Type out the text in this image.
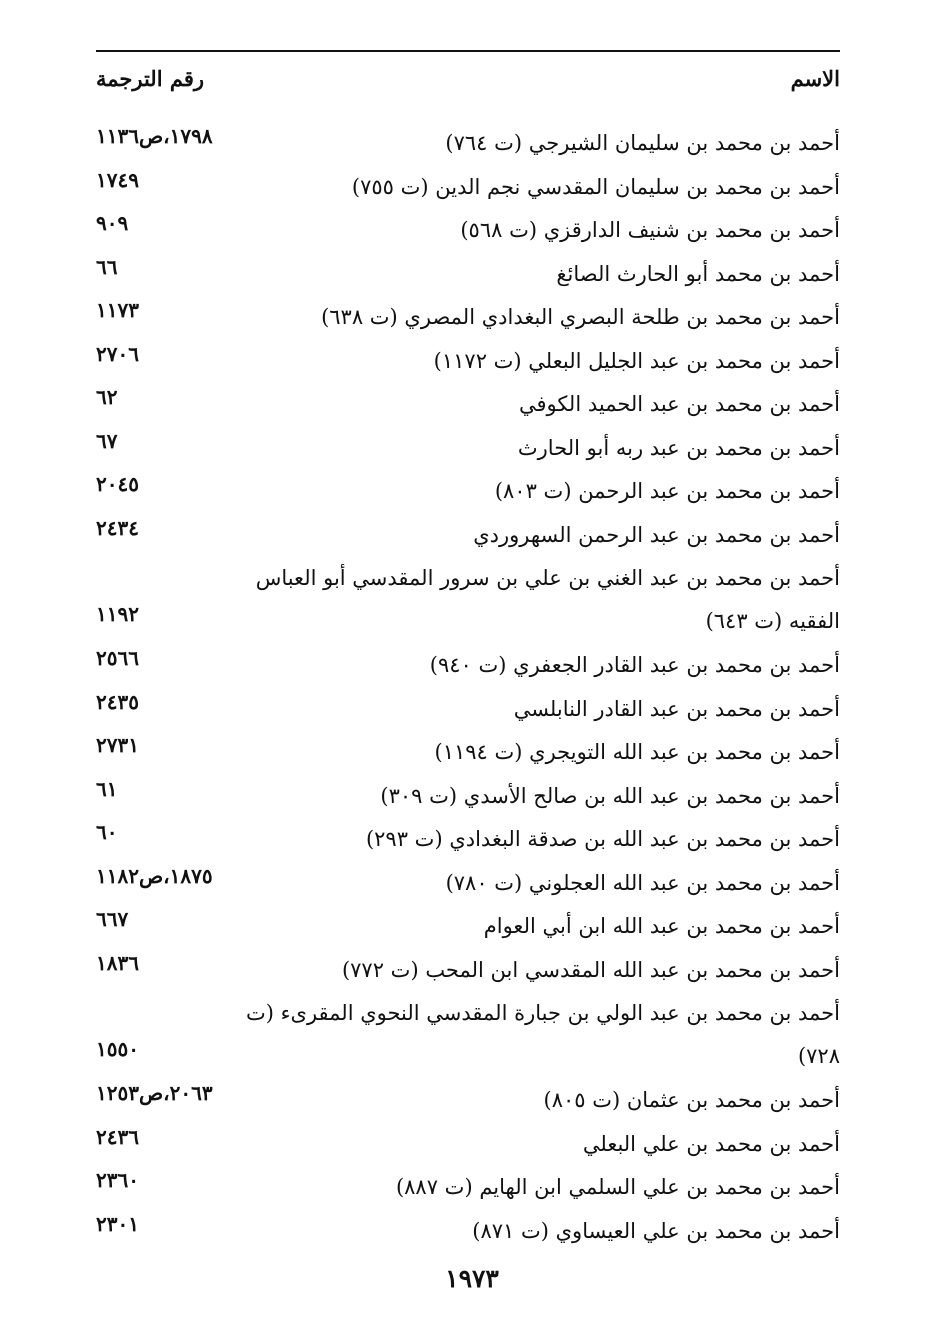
الاسم
رقم الترجمة
أحمد بن محمد بن سليمان الشيرجي (ت ٧٦٤)
١٧٩٨،ص١١٣٦
أحمد بن محمد بن سليمان المقدسي نجم الدين (ت ٧٥٥)
١٧٤٩
أحمد بن محمد بن شنيف الدارقزي (ت ٥٦٨)
٩٠٩
أحمد بن محمد أبو الحارث الصائغ
٦٦
أحمد بن محمد بن طلحة البصري البغدادي المصري (ت ٦٣٨)
١١٧٣
أحمد بن محمد بن عبد الجليل البعلي (ت ١١٧٢)
٢٧٠٦
أحمد بن محمد بن عبد الحميد الكوفي
٦٢
أحمد بن محمد بن عبد ربه أبو الحارث
٦٧
أحمد بن محمد بن عبد الرحمن (ت ٨٠٣)
٢٠٤٥
أحمد بن محمد بن عبد الرحمن السهروردي
٢٤٣٤
أحمد بن محمد بن عبد الغني بن علي بن سرور المقدسي أبو العباس الفقيه (ت ٦٤٣)
١١٩٢
أحمد بن محمد بن عبد القادر الجعفري (ت ٩٤٠)
٢٥٦٦
أحمد بن محمد بن عبد القادر النابلسي
٢٤٣٥
أحمد بن محمد بن عبد الله التويجري (ت ١١٩٤)
٢٧٣١
أحمد بن محمد بن عبد الله بن صالح الأسدي (ت ٣٠٩)
٦١
أحمد بن محمد بن عبد الله بن صدقة البغدادي (ت ٢٩٣)
٦٠
أحمد بن محمد بن عبد الله العجلوني (ت ٧٨٠)
١٨٧٥،ص١١٨٢
أحمد بن محمد بن عبد الله ابن أبي العوام
٦٦٧
أحمد بن محمد بن عبد الله المقدسي ابن المحب (ت ٧٧٢)
١٨٣٦
أحمد بن محمد بن عبد الولي بن جبارة المقدسي النحوي المقرىء (ت ٧٢٨)
١٥٥٠
أحمد بن محمد بن عثمان (ت ٨٠٥)
٢٠٦٣،ص١٢٥٣
أحمد بن محمد بن علي البعلي
٢٤٣٦
أحمد بن محمد بن علي السلمي ابن الهايم (ت ٨٨٧)
٢٣٦٠
أحمد بن محمد بن علي العيساوي (ت ٨٧١)
٢٣٠١
١٩٧٣
